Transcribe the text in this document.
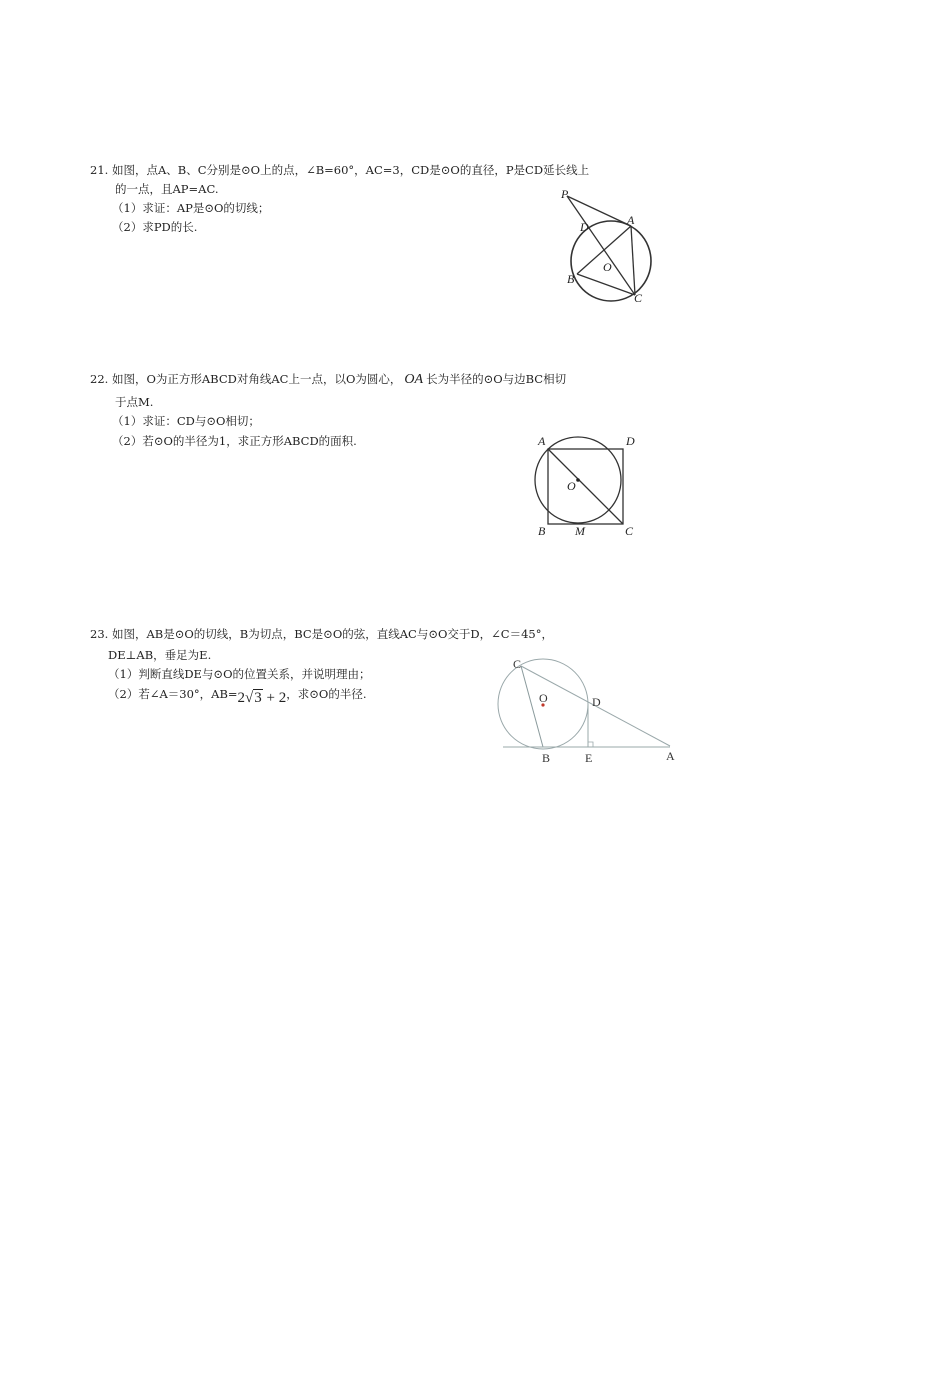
21. 如图，点A、B、C分别是⊙O上的点，∠B=60°，AC=3，CD是⊙O的直径，P是CD延长线上
的一点，且AP=AC.
（1）求证：AP是⊙O的切线；
（2）求PD的长.
P
A
D
O
B
C
22. 如图，O为正方形ABCD对角线AC上一点，以O为圆心， OA 长为半径的⊙O与边BC相切
于点M.
（1）求证：CD与⊙O相切；
（2）若⊙O的半径为1，求正方形ABCD的面积.	A	D
O
B M	C
23. 如图，AB是⊙O的切线，B为切点，BC是⊙O的弦，直线AC与⊙O交于D，∠C＝45°，
DE⊥AB，垂足为E.
（1）判断直线DE与⊙O的位置关系，并说明理由；
（2）若∠A＝30°，AB=2√3 + 2，求⊙O的半径.
C
O	D
B	E	A
